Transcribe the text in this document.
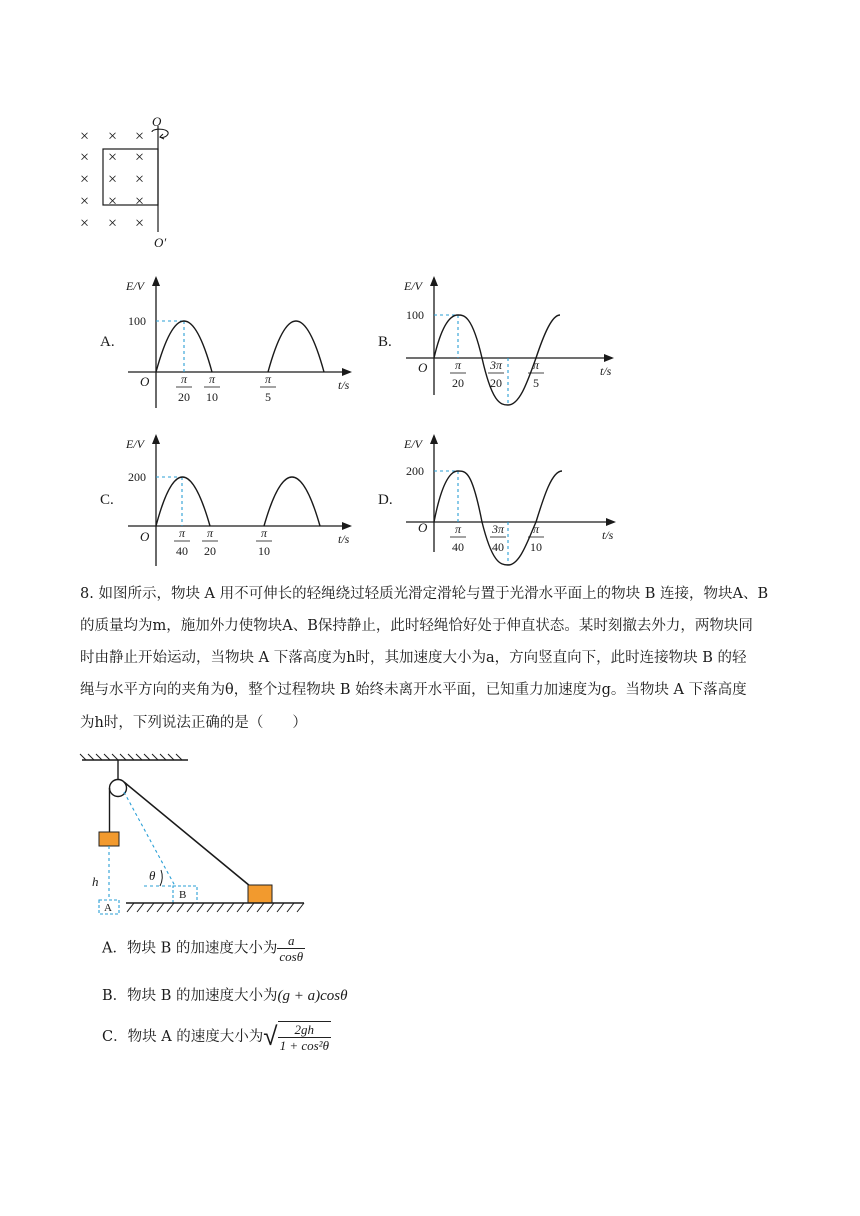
× × ×
× × ×
× × ×
× × ×
× × ×
O
O′
A.
E/V
t/s
O
100
π
20
π
10
π
5
B.
E/V
t/s
O
100
π
20
3π
20
π
5
C.
E/V
t/s
O
200
π
40
π
20
π
10
D.
E/V
t/s
O
200
π
40
3π
40
π
10
8. 如图所示，物块 A 用不可伸长的轻绳绕过轻质光滑定滑轮与置于光滑水平面上的物块 B 连接，物块A、B
的质量均为m，施加外力使物块A、B保持静止，此时轻绳恰好处于伸直状态。某时刻撤去外力，两物块同
时由静止开始运动，当物块 A 下落高度为h时，其加速度大小为a，方向竖直向下，此时连接物块 B 的轻
绳与水平方向的夹角为θ，整个过程物块 B 始终未离开水平面，已知重力加速度为g。当物块 A 下落高度
为h时，下列说法正确的是（　　）
A
h
B
θ
A．物块 B 的加速度大小为 $\frac{a}{\cos\theta}$
B．物块 B 的加速度大小为(g + a)cosθ
C．物块 A 的速度大小为√ $\frac{2gh}{\text{1 + cos²θ}}$
